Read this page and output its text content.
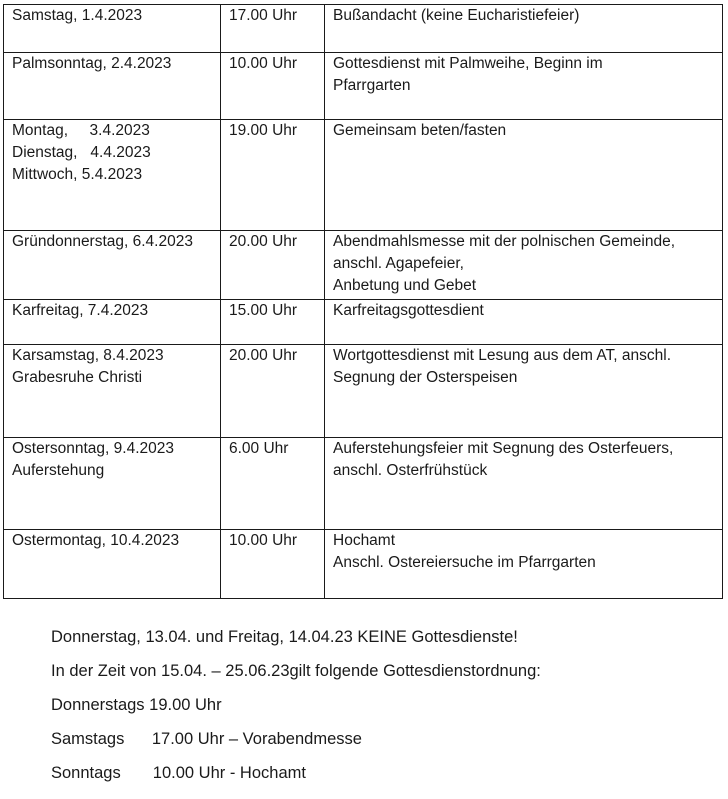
Samstag, 1.4.2023	17.00 Uhr	Bußandacht (keine Eucharistiefeier)

Palmsonntag, 2.4.2023	10.00 Uhr	Gottesdienst mit Palmweihe, Beginn im
Pfarrgarten

Montag,     3.4.2023
Dienstag,   4.4.2023
Mittwoch, 5.4.2023	19.00 Uhr	Gemeinsam beten/fasten

Gründonnerstag, 6.4.2023	20.00 Uhr	Abendmahlsmesse mit der polnischen Gemeinde,
anschl. Agapefeier,
Anbetung und Gebet

Karfreitag, 7.4.2023	15.00 Uhr	Karfreitagsgottesdient

Karsamstag, 8.4.2023
Grabesruhe Christi	20.00 Uhr	Wortgottesdienst mit Lesung aus dem AT, anschl.
Segnung der Osterspeisen

Ostersonntag, 9.4.2023
Auferstehung	6.00 Uhr	Auferstehungsfeier mit Segnung des Osterfeuers,
anschl. Osterfrühstück

Ostermontag, 10.4.2023	10.00 Uhr	Hochamt
Anschl. Ostereiersuche im Pfarrgarten

Donnerstag, 13.04. und Freitag, 14.04.23 KEINE Gottesdienste!

In der Zeit von 15.04. – 25.06.23gilt folgende Gottesdienstordnung:

Donnerstags 19.00 Uhr

Samstags      17.00 Uhr – Vorabendmesse

Sonntags       10.00 Uhr - Hochamt
